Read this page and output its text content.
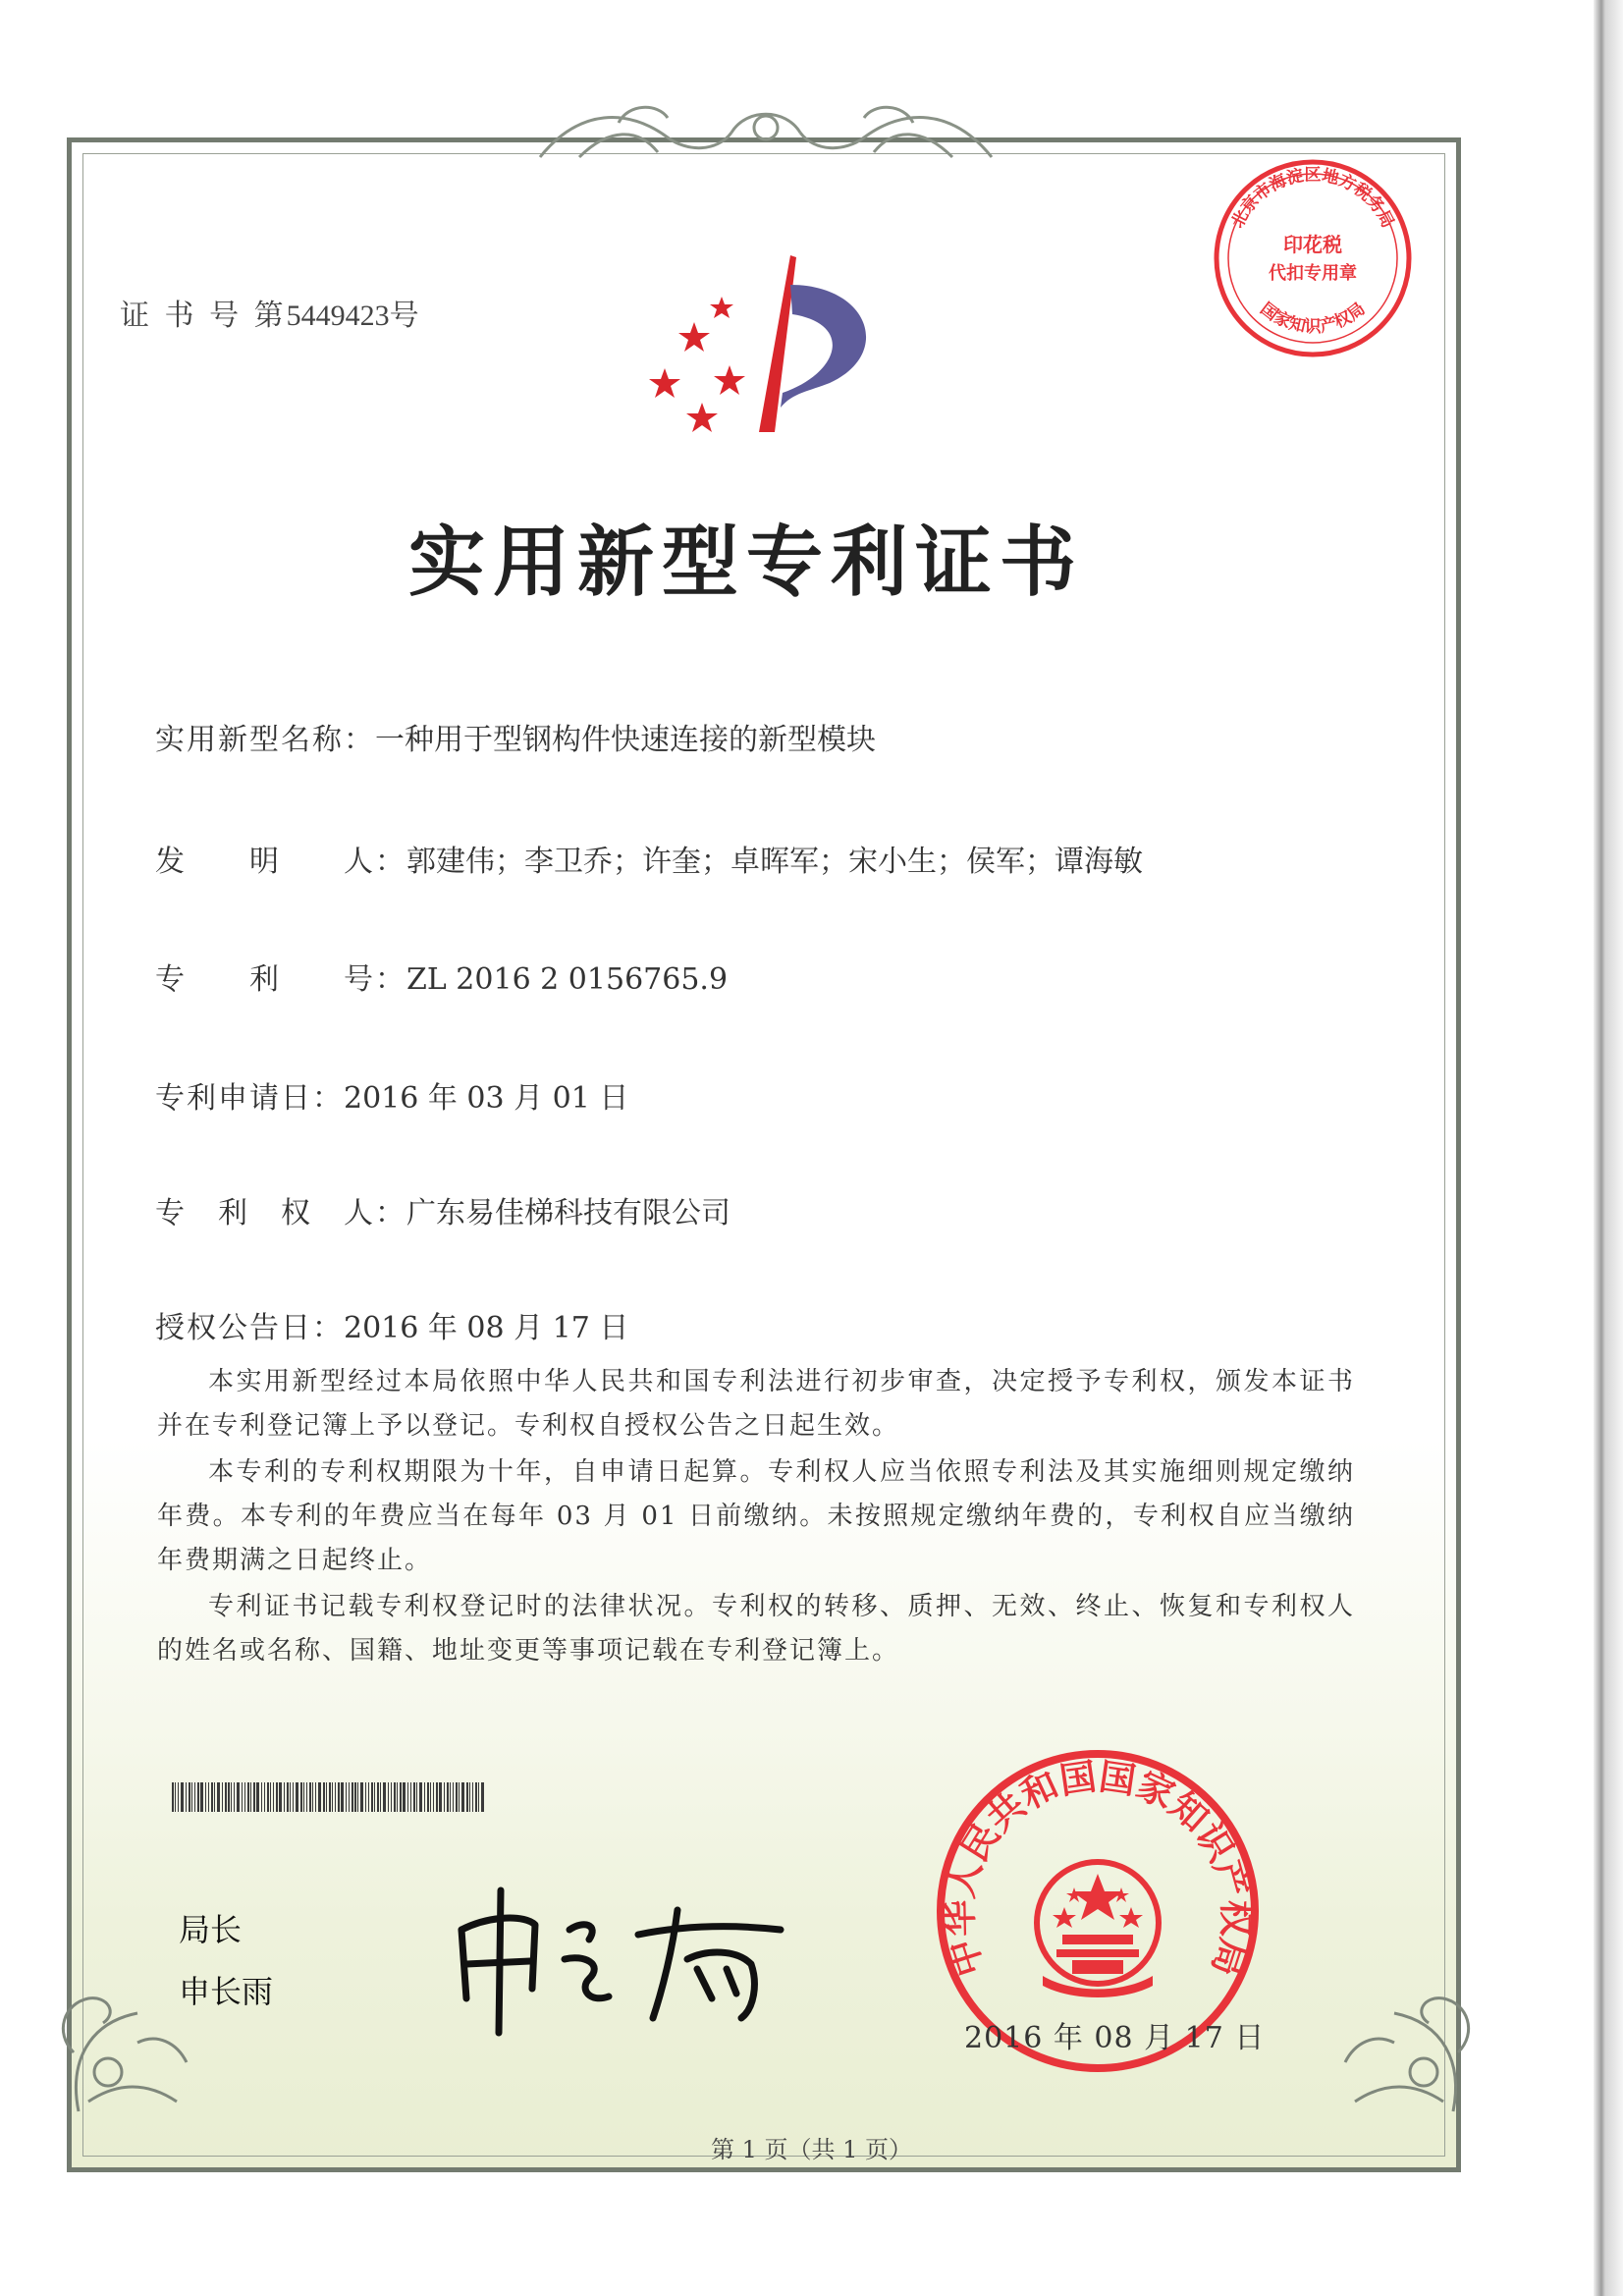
证 书 号 第5449423号
北京市海淀区地方税务局
国家知识产权局
印花税
代扣专用章
实用新型专利证书
实用新型名称：一种用于型钢构件快速连接的新型模块
发　　明　　人：郭建伟；李卫乔；许奎；卓晖军；宋小生；侯军；谭海敏
专　　利　　号：ZL 2016 2 0156765.9
专利申请日：2016 年 03 月 01 日
专　利　权　人：广东易佳梯科技有限公司
授权公告日：2016 年 08 月 17 日

本实用新型经过本局依照中华人民共和国专利法进行初步审查，决定授予专利权，颁发本证书并在专利登记簿上予以登记。专利权自授权公告之日起生效。

本专利的专利权期限为十年，自申请日起算。专利权人应当依照专利法及其实施细则规定缴纳年费。本专利的年费应当在每年 03 月 01 日前缴纳。未按照规定缴纳年费的，专利权自应当缴纳年费期满之日起终止。

专利证书记载专利权登记时的法律状况。专利权的转移、质押、无效、终止、恢复和专利权人的姓名或名称、国籍、地址变更等事项记载在专利登记簿上。

局长
申长雨
中华人民共和国国家知识产权局
2016 年 08 月 17 日
第 1 页（共 1 页）
